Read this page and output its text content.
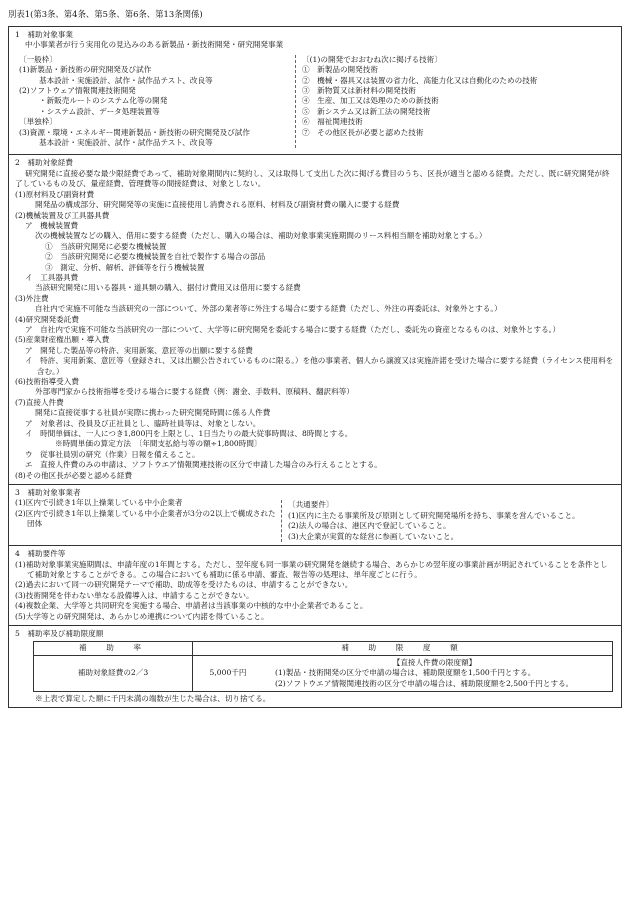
別表1(第3条、第4条、第5条、第6条、第13条関係)
1　補助対象事業
中小事業者が行う実用化の見込みのある新製品・新技術開発・研究開発事業
〔一般枠〕
(1)新製品・新技術の研究開発及び試作
基本設計・実施設計、試作・試作品テスト、改良等
(2)ソフトウェア情報関連技術開発
・新販売ルートのシステム化等の開発
・システム設計、データ処理装置等
〔単独枠〕
(3)資源・環境・エネルギー関連新製品・新技術の研究開発及び試作
基本設計・実施設計、試作・試作品テスト、改良等
〔(1)の開発でおおむね次に掲げる技術〕
①　新製品の開発技術
②　機械・器具又は装置の省力化、高能力化又は自動化のための技術
③　新物質又は新材料の開発技術
④　生産、加工又は処理のための新技術
⑤　新システム又は新工法の開発技術
⑥　福祉関連技術
⑦　その他区長が必要と認めた技術
2　補助対象経費
研究開発に直接必要な最少限経費であって、補助対象期間内に契約し、又は取得して支出した次に掲げる費目のうち、区長が適当と認める経費。ただし、既に研究開発が終了しているもの及び、量産経費、管理費等の間接経費は、対象としない。
(1)原材料及び副資材費
開発品の構成部分、研究開発等の実施に直接使用し消費される原料、材料及び副資材費の購入に要する経費
(2)機械装置及び工具器具費
ア　機械装置費
次の機械装置などの購入、借用に要する経費（ただし、購入の場合は、補助対象事業実施期間のリース料相当額を補助対象とする。）
①　当該研究開発に必要な機械装置
②　当該研究開発に必要な機械装置を自社で製作する場合の部品
③　測定、分析、解析、評価等を行う機械装置
イ　工具器具費
当該研究開発に用いる器具・道具類の購入、据付け費用又は借用に要する経費
(3)外注費
自社内で実施不可能な当該研究の一部について、外部の業者等に外注する場合に要する経費（ただし、外注の再委託は、対象外とする。）
(4)研究開発委託費
ア　自社内で実施不可能な当該研究の一部について、大学等に研究開発を委託する場合に要する経費（ただし、委託先の資産となるものは、対象外とする。）
(5)産業財産権出願・導入費
ア　開発した製品等の特許、実用新案、意匠等の出願に要する経費
イ　特許、実用新案、意匠等（登録され、又は出願公告されているものに限る。）を他の事業者、個人から譲渡又は実施許諾を受けた場合に要する経費（ライセンス使用料を含む。）
(6)技術指導受入費
外部専門家から技術指導を受ける場合に要する経費（例：謝金、手数料、原稿料、翻訳料等）
(7)直接人件費
開発に直接従事する社員が実際に携わった研究開発時間に係る人件費
ア　対象者は、役員及び正社員とし、臨時社員等は、対象としない。
イ　時間単価は、一人につき1,800円を上限とし、1日当たりの最大従事時間は、8時間とする。
※時間単価の算定方法　〔年間支払給与等の額÷1,800時間〕
ウ　従事社員別の研究（作業）日報を備えること。
エ　直接人件費のみの申請は、ソフトウエア情報関連技術の区分で申請した場合のみ行えることとする。
(8)その他区長が必要と認める経費
3　補助対象事業者
(1)区内で引続き1年以上操業している中小企業者
(2)区内で引続き1年以上操業している中小企業者が3分の2以上で構成された団体
〔共通要件〕
(1)区内に主たる事業所及び原則として研究開発場所を持ち、事業を営んでいること。
(2)法人の場合は、港区内で登記していること。
(3)大企業が実質的な経営に参画していないこと。
4　補助要件等
(1)補助対象事業実施期間は、申請年度の1年間とする。ただし、翌年度も同一事業の研究開発を継続する場合、あらかじめ翌年度の事業計画が明記されていることを条件として補助対象とすることができる。この場合においても補助に係る申請、審査、報告等の処理は、単年度ごとに行う。
(2)過去において同一の研究開発テーマで補助、助成等を受けたものは、申請することができない。
(3)技術開発を伴わない単なる設備導入は、申請することができない。
(4)複数企業、大学等と共同研究を実施する場合、申請者は当該事業の中核的な中小企業者であること。
(5)大学等との研究開発は、あらかじめ連携について内諾を得ていること。
5　補助率及び補助限度額
補　助　率	補　助　限　度　額	
補助対象経費の2／3	5,000千円	【直接人件費の限度額】
(1)製品・技術開発の区分で申請の場合は、補助限度額を1,500千円とする。
(2)ソフトウエア情報関連技術の区分で申請の場合は、補助限度額を2,500千円とする。
※上表で算定した額に千円未満の端数が生じた場合は、切り捨てる。
